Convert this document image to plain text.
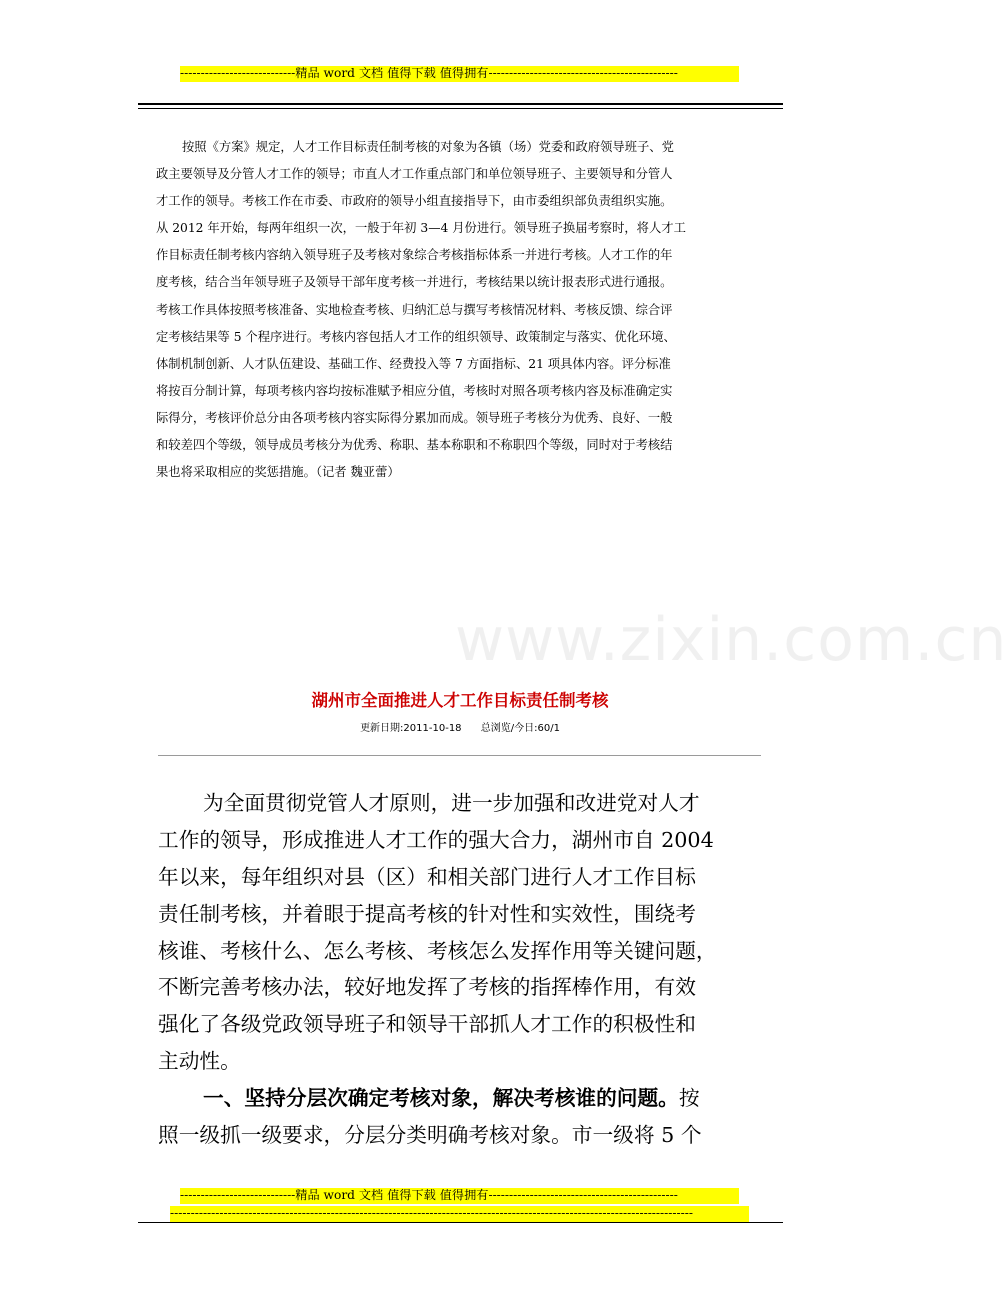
----------------------------精品 word 文档 值得下载 值得拥有----------------------------------------------
www.zixin.com.cn

按照《方案》规定，人才工作目标责任制考核的对象为各镇（场）党委和政府领导班子、党

政主要领导及分管人才工作的领导；市直人才工作重点部门和单位领导班子、主要领导和分管人

才工作的领导。考核工作在市委、市政府的领导小组直接指导下，由市委组织部负责组织实施。

从 2012 年开始，每两年组织一次，一般于年初 3—4 月份进行。领导班子换届考察时，将人才工

作目标责任制考核内容纳入领导班子及考核对象综合考核指标体系一并进行考核。人才工作的年

度考核，结合当年领导班子及领导干部年度考核一并进行，考核结果以统计报表形式进行通报。

考核工作具体按照考核准备、实地检查考核、归纳汇总与撰写考核情况材料、考核反馈、综合评

定考核结果等 5 个程序进行。考核内容包括人才工作的组织领导、政策制定与落实、优化环境、

体制机制创新、人才队伍建设、基础工作、经费投入等 7 方面指标、21 项具体内容。评分标准

将按百分制计算，每项考核内容均按标准赋予相应分值，考核时对照各项考核内容及标准确定实

际得分，考核评价总分由各项考核内容实际得分累加而成。领导班子考核分为优秀、良好、一般

和较差四个等级，领导成员考核分为优秀、称职、基本称职和不称职四个等级，同时对于考核结

果也将采取相应的奖惩措施。（记者 魏亚蕾）

湖州市全面推进人才工作目标责任制考核
更新日期:2011-10-18 总浏览/今日:60/1

为全面贯彻党管人才原则，进一步加强和改进党对人才

工作的领导，形成推进人才工作的强大合力，湖州市自 2004

年以来，每年组织对县（区）和相关部门进行人才工作目标

责任制考核，并着眼于提高考核的针对性和实效性，围绕考

核谁、考核什么、怎么考核、考核怎么发挥作用等关键问题，

不断完善考核办法，较好地发挥了考核的指挥棒作用，有效

强化了各级党政领导班子和领导干部抓人才工作的积极性和

主动性。

一、坚持分层次确定考核对象，解决考核谁的问题。按

照一级抓一级要求，分层分类明确考核对象。市一级将 5 个

----------------------------精品 word 文档 值得下载 值得拥有----------------------------------------------
-------------------------------------------------------------------------------------------------------------------------------
